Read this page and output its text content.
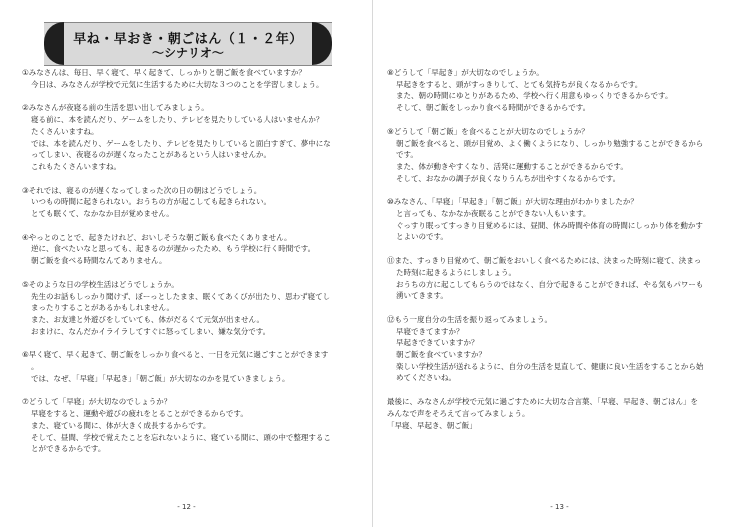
早ね・早おき・朝ごはん（１・２年）
～シナリオ～
①みなさんは、毎日、早く寝て、早く起きて、しっかりと朝ご飯を食べていますか？
今日は、みなさんが学校で元気に生活するために大切な３つのことを学習しましょう。
②みなさんが夜寝る前の生活を思い出してみましょう。
寝る前に、本を読んだり、ゲームをしたり、テレビを見たりしている人はいませんか？
たくさんいますね。
では、本を読んだり、ゲームをしたり、テレビを見たりしていると面白すぎて、夢中にな
ってしまい、夜寝るのが遅くなったことがあるという人はいませんか。
これもたくさんいますね。
③それでは、寝るのが遅くなってしまった次の日の朝はどうでしょう。
いつもの時間に起きられない。おうちの方が起こしても起きられない。
とても眠くて、なかなか目が覚めません。
④やっとのことで、起きたけれど、おいしそうな朝ご飯も食べたくありません。
逆に、食べたいなと思っても、起きるのが遅かったため、もう学校に行く時間です。
朝ご飯を食べる時間なんてありません。
⑤そのような日の学校生活はどうでしょうか。
先生のお話もしっかり聞けず、ぼーっとしたまま、眠くてあくびが出たり、思わず寝てし
まったりすることがあるかもしれません。
また、お友達と外遊びをしていても、体がだるくて元気が出ません。
おまけに、なんだかイライラしてすぐに怒ってしまい、嫌な気分です。
⑥早く寝て、早く起きて、朝ご飯をしっかり食べると、一日を元気に過ごすことができます
。
では、なぜ、「早寝」「早起き」「朝ご飯」が大切なのかを見ていきましょう。
⑦どうして「早寝」が大切なのでしょうか？
早寝をすると、運動や遊びの疲れをとることができるからです。
また、寝ている間に、体が大きく成長するからです。
そして、昼間、学校で覚えたことを忘れないように、寝ている間に、頭の中で整理するこ
とができるからです。
- 12 -
⑧どうして「早起き」が大切なのでしょうか。
早起きをすると、頭がすっきりして、とても気持ちが良くなるからです。
また、朝の時間にゆとりがあるため、学校へ行く用意もゆっくりできるからです。
そして、朝ご飯をしっかり食べる時間ができるからです。
⑨どうして「朝ご飯」を食べることが大切なのでしょうか？
朝ご飯を食べると、頭が目覚め、よく働くようになり、しっかり勉強することができるから
です。
また、体が動きやすくなり、活発に運動することができるからです。
そして、おなかの調子が良くなりうんちが出やすくなるからです。
⑩みなさん、「早寝」「早起き」「朝ご飯」が大切な理由がわかりましたか？
と言っても、なかなか夜眠ることができない人もいます。
ぐっすり眠ってすっきり目覚めるには、昼間、休み時間や体育の時間にしっかり体を動かす
とよいのです。
⑪また、すっきり目覚めて、朝ご飯をおいしく食べるためには、決まった時刻に寝て、決まっ
た時刻に起きるようにしましょう。
おうちの方に起こしてもらうのではなく、自分で起きることができれば、やる気もパワーも
湧いてきます。
⑫もう一度自分の生活を振り返ってみましょう。
早寝できてますか？
早起きできていますか？
朝ご飯を食べていますか？
楽しい学校生活が送れるように、自分の生活を見直して、健康に良い生活をすることから始
めてくださいね。
最後に、みなさんが学校で元気に過ごすために大切な合言葉、「早寝、早起き、朝ごはん」を
みんなで声をそろえて言ってみましょう。
「早寝、早起き、朝ご飯」
- 13 -
